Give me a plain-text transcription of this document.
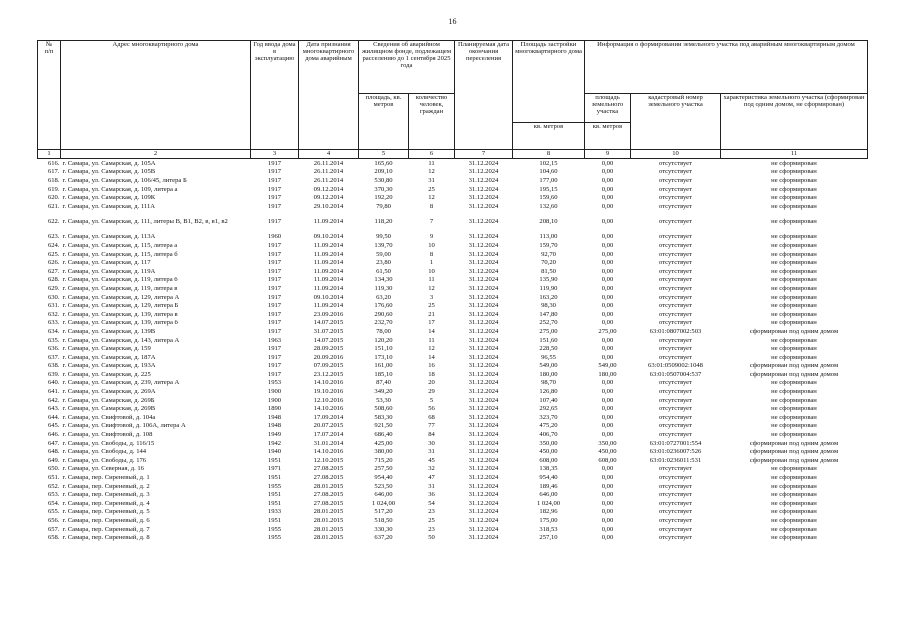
16
№
п/п	Адрес многоквартирного дома	Год ввода дома в эксплуатацию	Дата признания многоквартирного дома аварийным	Сведения об аварийном жилищном фонде, подлежащем расселению до 1 сентября 2025 года		Планируемая дата окончания переселения	Площадь застройки многоквартирного дома	Информация о формировании земельного участка под аварийным многоквартирным домом		
				площадь, кв. метров	количество человек, граждан			площадь земельного участка	кадастровый номер земельного участка	характеристика земельного участка (сформирован под одним домом, не сформирован)
							кв. метров	кв. метров		
1	2	3	4	5	6	7	8	9	10	11
616.	г. Самара, ул. Самарская, д. 105А	1917	26.11.2014	165,60	11	31.12.2024	102,15	0,00	отсутствует	не сформирован
617.	г. Самара, ул. Самарская, д. 105В	1917	26.11.2014	209,10	12	31.12.2024	104,60	0,00	отсутствует	не сформирован
618.	г. Самара, ул. Самарская, д. 106/45, литера Б	1917	26.11.2014	530,80	31	31.12.2024	177,00	0,00	отсутствует	не сформирован
619.	г. Самара, ул. Самарская, д. 109, литера а	1917	09.12.2014	370,30	25	31.12.2024	195,15	0,00	отсутствует	не сформирован
620.	г. Самара, ул. Самарская, д. 109К	1917	09.12.2014	192,20	12	31.12.2024	159,60	0,00	отсутствует	не сформирован
621.	г. Самара, ул. Самарская, д. 111А	1917	29.10.2014	79,80	8	31.12.2024	132,60	0,00	отсутствует	не сформирован
622.	г. Самара, ул. Самарская, д. 111, литеры В, В1, В2, в, в1, в2	1917	11.09.2014	118,20	7	31.12.2024	208,10	0,00	отсутствует	не сформирован
623.	г. Самара, ул. Самарская, д. 113А	1960	09.10.2014	99,50	9	31.12.2024	113,00	0,00	отсутствует	не сформирован
624.	г. Самара, ул. Самарская, д. 115, литера а	1917	11.09.2014	139,70	10	31.12.2024	159,70	0,00	отсутствует	не сформирован
625.	г. Самара, ул. Самарская, д. 115, литера б	1917	11.09.2014	59,00	8	31.12.2024	92,70	0,00	отсутствует	не сформирован
626.	г. Самара, ул. Самарская, д. 117	1917	11.09.2014	23,80	1	31.12.2024	70,20	0,00	отсутствует	не сформирован
627.	г. Самара, ул. Самарская, д. 119А	1917	11.09.2014	61,50	10	31.12.2024	81,50	0,00	отсутствует	не сформирован
628.	г. Самара, ул. Самарская, д. 119, литера б	1917	11.09.2014	134,30	11	31.12.2024	135,90	0,00	отсутствует	не сформирован
629.	г. Самара, ул. Самарская, д. 119, литера в	1917	11.09.2014	119,30	12	31.12.2024	119,90	0,00	отсутствует	не сформирован
630.	г. Самара, ул. Самарская, д. 129, литера А	1917	09.10.2014	63,20	3	31.12.2024	163,20	0,00	отсутствует	не сформирован
631.	г. Самара, ул. Самарская, д. 129, литера Б	1917	11.09.2014	176,60	25	31.12.2024	98,30	0,00	отсутствует	не сформирован
632.	г. Самара, ул. Самарская, д. 139, литера в	1917	23.09.2016	290,60	21	31.12.2024	147,80	0,00	отсутствует	не сформирован
633.	г. Самара, ул. Самарская, д. 139, литера б	1917	14.07.2015	232,70	17	31.12.2024	252,70	0,00	отсутствует	не сформирован
634.	г. Самара, ул. Самарская, д. 139В	1917	31.07.2015	78,00	14	31.12.2024	275,00	275,00	63:01:0807002:503	сформирован под одним домом
635.	г. Самара, ул. Самарская, д. 143, литера А	1963	14.07.2015	120,20	11	31.12.2024	151,60	0,00	отсутствует	не сформирован
636.	г. Самара, ул. Самарская, д. 159	1917	28.09.2015	151,10	12	31.12.2024	228,50	0,00	отсутствует	не сформирован
637.	г. Самара, ул. Самарская, д. 187А	1917	20.09.2016	173,10	14	31.12.2024	96,55	0,00	отсутствует	не сформирован
638.	г. Самара, ул. Самарская, д. 193А	1917	07.09.2015	161,00	16	31.12.2024	549,00	549,00	63:01:0509002:1048	сформирован под одним домом
639.	г. Самара, ул. Самарская, д. 225	1917	23.12.2015	185,10	18	31.12.2024	180,00	180,00	63:01:0507004:537	сформирован под одним домом
640.	г. Самара, ул. Самарская, д. 239, литера А	1953	14.10.2016	87,40	20	31.12.2024	98,70	0,00	отсутствует	не сформирован
641.	г. Самара, ул. Самарская, д. 269А	1900	19.10.2016	349,20	29	31.12.2024	126,80	0,00	отсутствует	не сформирован
642.	г. Самара, ул. Самарская, д. 269Б	1900	12.10.2016	53,30	5	31.12.2024	107,40	0,00	отсутствует	не сформирован
643.	г. Самара, ул. Самарская, д. 269В	1890	14.10.2016	508,60	56	31.12.2024	292,65	0,00	отсутствует	не сформирован
644.	г. Самара, ул. Свифтовой, д. 104а	1948	17.09.2014	583,30	68	31.12.2024	323,70	0,00	отсутствует	не сформирован
645.	г. Самара, ул. Свифтовой, д. 106А, литера А	1948	20.07.2015	921,50	77	31.12.2024	475,20	0,00	отсутствует	не сформирован
646.	г. Самара, ул. Свифтовой, д. 108	1949	17.07.2014	686,40	84	31.12.2024	406,70	0,00	отсутствует	не сформирован
647.	г. Самара, ул. Свободы, д. 116/15	1942	31.01.2014	425,00	30	31.12.2024	350,00	350,00	63:01:0727001:554	сформирован под одним домом
648.	г. Самара, ул. Свободы, д. 144	1940	14.10.2016	380,00	31	31.12.2024	450,00	450,00	63:01:0236007:526	сформирован под одним домом
649.	г. Самара, ул. Свободы, д. 176	1951	12.10.2015	715,20	45	31.12.2024	608,00	608,00	63:01:0236011:531	сформирован под одним домом
650.	г. Самара, ул. Северная, д. 16	1971	27.08.2015	257,50	32	31.12.2024	138,35	0,00	отсутствует	не сформирован
651.	г. Самара, пер. Сиреневый, д. 1	1951	27.08.2015	954,40	47	31.12.2024	954,40	0,00	отсутствует	не сформирован
652.	г. Самара, пер. Сиреневый, д. 2	1955	28.01.2015	523,50	31	31.12.2024	189,46	0,00	отсутствует	не сформирован
653.	г. Самара, пер. Сиреневый, д. 3	1951	27.08.2015	646,00	36	31.12.2024	646,00	0,00	отсутствует	не сформирован
654.	г. Самара, пер. Сиреневый, д. 4	1951	27.08.2015	1 024,00	54	31.12.2024	1 024,00	0,00	отсутствует	не сформирован
655.	г. Самара, пер. Сиреневый, д. 5	1933	28.01.2015	517,20	23	31.12.2024	182,96	0,00	отсутствует	не сформирован
656.	г. Самара, пер. Сиреневый, д. 6	1951	28.01.2015	518,50	25	31.12.2024	175,00	0,00	отсутствует	не сформирован
657.	г. Самара, пер. Сиреневый, д. 7	1955	28.01.2015	330,30	23	31.12.2024	318,53	0,00	отсутствует	не сформирован
658.	г. Самара, пер. Сиреневый, д. 8	1955	28.01.2015	637,20	50	31.12.2024	257,10	0,00	отсутствует	не сформирован
